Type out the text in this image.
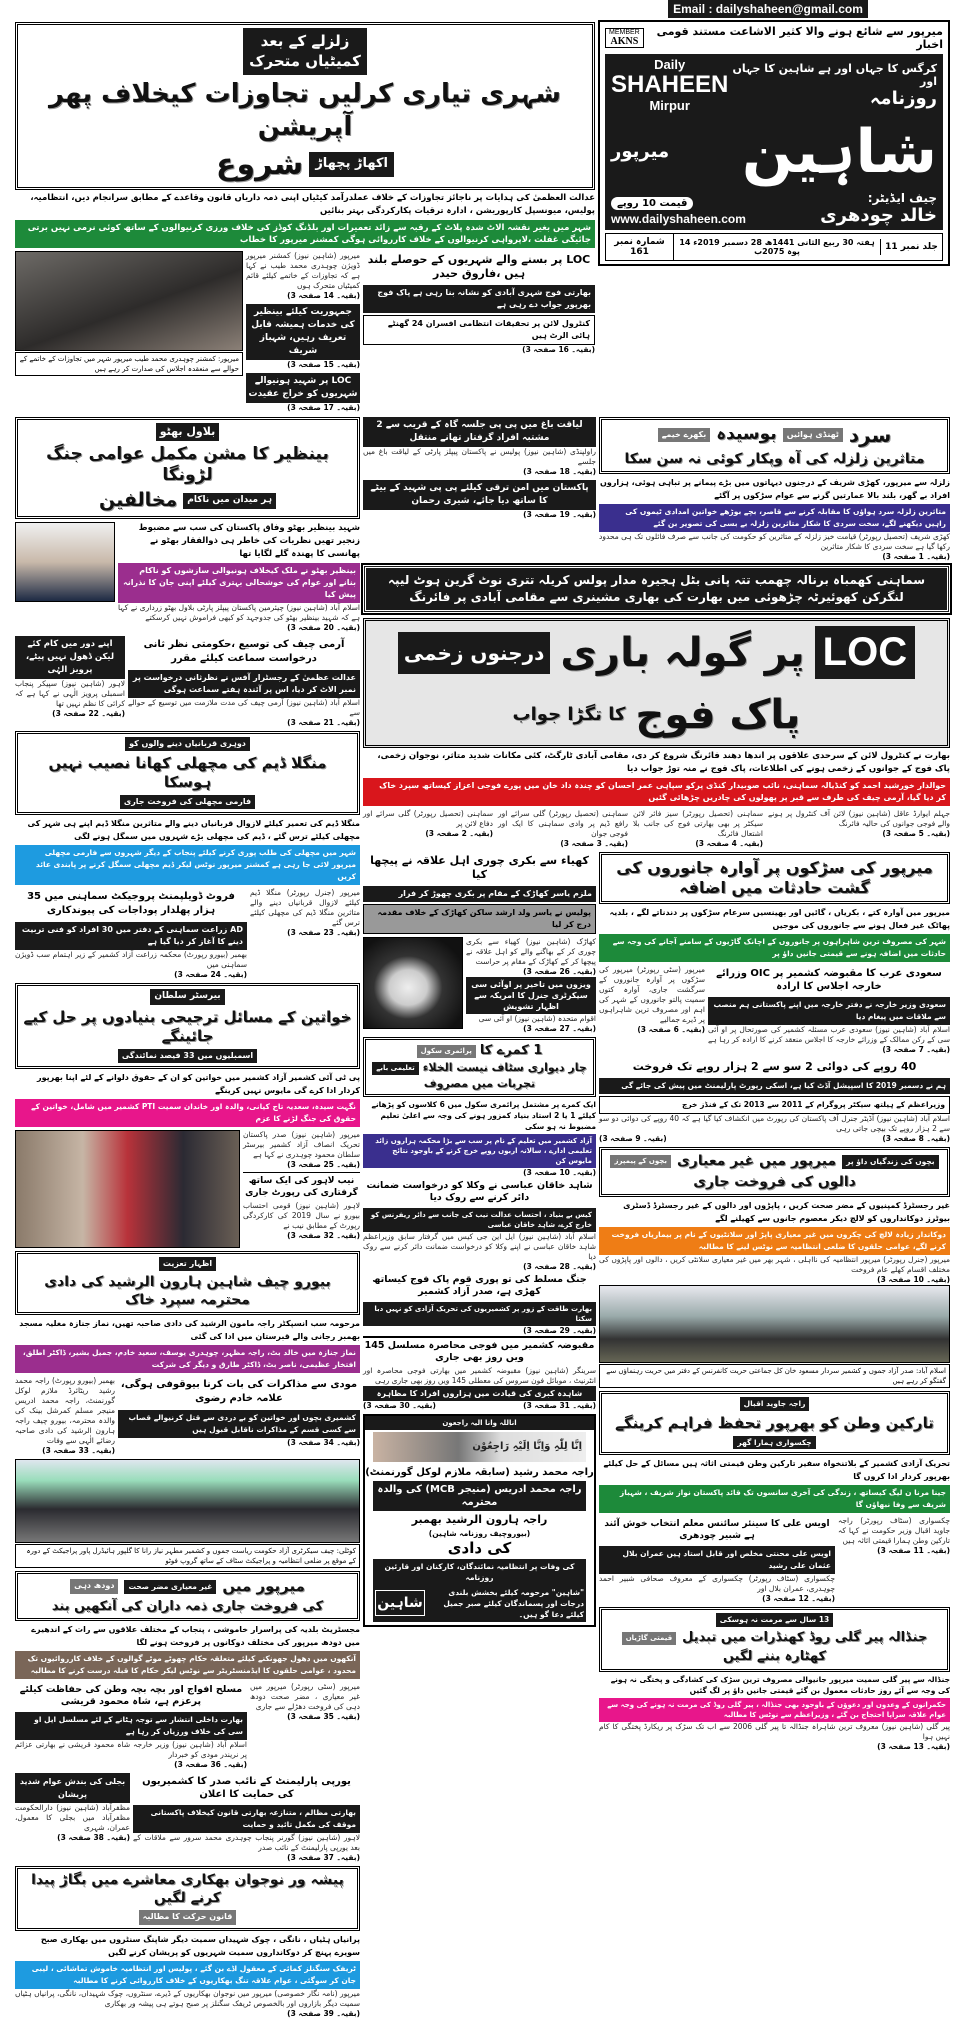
زلزلے کے بعد
کمیٹیاں متحرک
شہری تیاری کرلیں تجاوزات کیخلاف پھر آپریشن
اکھاڑ پچھاڑ
شروع
عدالت العظمیٰ کی ہدایات پر ناجائز تجاوزات کے خلاف عملدرآمد کیٹیاں اپنی ذمہ داریاں قانون وقاعدے کے مطابق سرانجام دیں، انتظامیہ، پولیس، میونسپل کارپوریشن ، ادارہ ترقیات پکارکردگی بہتر بنائیں
شہر میں بغیر نقشہ الاٹ شدہ پلاٹ کے رقبہ سے زائد تعمیرات اور بلڈنگ کوڈز کی خلاف ورزی کرنیوالوں کے ساتھ کوئی نرمی نہیں برتی جائیگی غفلت ،لاپرواہی کرنیوالوں کے خلاف کارروائی ہوگی کمشنر میرپور کا خطاب
میرپور: کمشنر چوہدری محمد طیب میرپور شہر میں تجاوزات کے خاتمے کے حوالے سے منعقدہ اجلاس کی صدارت کر رہے ہیں
میرپور (شاہین نیوز) کمشنر میرپور ڈویژن چوہدری محمد طیب نے کہا ہے کہ تجاوزات کے خاتمے کیلئے قائم کمیٹیاں متحرک ہوں
(بقیہ۔ 14 صفحہ 3)
جمہوریت کیلئے بینظیر کی خدمات ہمیشہ قابل تعریف رہیں، شہباز شریف
(بقیہ۔ 15 صفحہ 3)
LOC پر شہید ہونیوالے شہریوں کو خراج عقیدت
(بقیہ۔ 17 صفحہ 3)
LOC پر بسنے والے شہریوں کے حوصلے بلند ہیں ،فاروق حیدر
بھارتی فوج شہری آبادی کو نشانہ بنا رہی ہے پاک فوج بھرپور جواب دے رہی ہے
کنٹرول لائن پر تحقیقات انتظامی افسران 24 گھنٹے ہائی الرٹ ہیں
(بقیہ۔ 16 صفحہ 3)
Email : dailyshaheen@gmail.com
MEMBER
AKNS
میرپور سے شائع ہونے والا کثیر الاشاعت مستند قومی اخبار
Daily
SHAHEEN
Mirpur
کرگس کا جہاں اور ہے شاہین کا جہاں اور
روزنامہ
شاہین
میرپور
قیمت 10 روپے
www.dailyshaheen.com
چیف ایڈیٹر:
خالد چودھری
جلد نمبر 11
ہفتہ 30 ربیع الثانی 1441ھ 28 دسمبر 2019ء 14 پوہ 2075ب
شمارہ نمبر 161
بلاول بھٹو
بینظیر کا مشن مکمل عوامی جنگ لڑونگا
ہر میدان میں ناکام
مخالفین
شہید بینظیر بھٹو وفاق پاکستان کی سب سے مضبوط زنجیر تھیں نظریات کی خاطر ہی ذوالفقار بھٹو نے پھانسی کا پھندہ گلے لگایا تھا
بینظیر بھٹو نے ملک کیخلاف ہونیوالی سازشوں کو ناکام بنانے اور عوام کی خوشحالی بہتری کیلئے اپنی جان کا نذرانہ پیش کیا
اسلام آباد (شاہین نیوز) چیئرمین پاکستان پیپلز پارٹی بلاول بھٹو زرداری نے کہا ہے کہ شہید بینظیر بھٹو کی جدوجہد کو کبھی فراموش نہیں کرسکتے
(بقیہ۔ 20 صفحہ 3)
اپنے دور میں کام کئے لیکن ڈھول نہیں پیٹے، پرویز الہٰی
لاہور (شاہین نیوز) سپیکر پنجاب اسمبلی پرویز الٰہی نے کہا ہے کہ کرائی کا نظم نہیں تھا
(بقیہ۔ 22 صفحہ 3)
آرمی چیف کی توسیع ،حکومتی نظر ثانی درخواست سماعت کیلئے مقرر
عدالت عظمیٰ کے رجسٹرار آفس نے نظرثانی درخواست پر نمبر الاٹ کر دیا، اس پر آئندہ ہفتے سماعت ہوگی
اسلام آباد (شاہین نیوز) آرمی چیف کی مدت ملازمت میں توسیع کے حوالے سے
(بقیہ۔ 21 صفحہ 3)
دوہری قربانیاں دینے والوں کو
منگلا ڈیم کی مچھلی کھانا نصیب نہیں ہوسکا
فارمی مچھلی کی فروخت جاری
منگلا ڈیم کی تعمیر کیلئے لازوال قربانیاں دینے والے متاثرین منگلا ڈیم اپنے ہی شہر کی مچھلی کیلئے ترس گئے ، ڈیم کی مچھلی بڑے شہروں میں سمگل ہونے لگی
شہر میں مچھلی کی طلب پوری کرنے کیلئے پنجاب کے دیگر شہروں سے فارمی مچھلی میرپور لائی جا رہی ہے کمشنر میرپور نوٹس لیکر ڈیم مچھلی سمگل کرنے پر پابندی عائد کریں
فروٹ ڈویلپمنٹ پروجیکٹ سماہنی میں 35 ہزار پھلدار پوداجات کی پیوندکاری
AD زراعت سماہنی کے دفتر میں 30 افراد کو فنی تربیت دینے کا آغاز کر دیا گیا ہے
بھمبر (بیورو رپورٹ) محکمہ زراعت آزاد کشمیر کے زیر اہتمام سب ڈویژن سماہنی میں
(بقیہ۔ 24 صفحہ 3)
میرپور (جنرل رپورٹر) منگلا ڈیم کیلئے لازوال قربانیاں دینے والے متاثرین منگلا ڈیم کی مچھلی کیلئے ترس گئے
(بقیہ۔ 23 صفحہ 3)
بیرسٹر سلطان
خواتین کے مسائل ترجیحی بنیادوں پر حل کیے جائینگے
اسمبلیوں میں 33 فیصد نمائندگی
پی ٹی آئی کشمیر آزاد کشمیر میں خواتین کو ان کے حقوق دلوانے کے لئے اپنا بھرپور کردار ادا کرے گی مایوس نہیں کرینگے
نگہت سیدہ، سعدیہ تاج کیانی، والدہ اور خاندان سمیت PTI کشمیر میں شامل، خواتین کے حقوق کی جنگ لڑنے کا عزم
میرپور (شاہین نیوز) صدر پاکستان تحریک انصاف آزاد کشمیر بیرسٹر سلطان محمود چوہدری نے کہا ہے
(بقیہ۔ 25 صفحہ 3)
نیب لاہور کی ایک ساتھ گرفتاری کی رپورٹ جاری
لاہور (شاہین نیوز) قومی احتساب بیورو نے سال 2019 کی کارکردگی رپورٹ کے مطابق نیب نے
(بقیہ۔ 32 صفحہ 3)
اظہار تعزیت
بیورو چیف شاہین ہارون الرشید کی دادی محترمہ سپرد خاک
مرحومہ سب انسپکٹر راجہ مامون الرشید کی دادی صاحبہ تھیں، نماز جنازہ مغلیہ مسجد بھمبر رجانی والے قبرستان میں ادا کی گئی
نماز جنازہ میں خالد بٹ، راجہ مظہر، چوہدری یوسف، سعید خادم، جمیل بشیر، ڈاکٹر اطلق، افتخار عظیمی، ناصر بٹ، ڈاکٹر طارق و دیگر کی شرکت
بھمبر (بیورو رپورٹ) راجہ محمد رشید ریٹائرڈ ملازم لوکل گورنمنٹ، راجہ محمد ادریس منیجر مسلم کمرشل بینک کی والدہ محترمہ، بیورو چیف راجہ ہارون الرشید کی دادی صاحبہ رضائے الٰہی سے وفات
(بقیہ۔ 33 صفحہ 3)
مودی سے مذاکرات کی بات کرنا بیوقوفی ہوگی، علامہ خادم رضوی
کشمیری بچوں اور خواتین کو بے دردی سے قتل کرنیوالے قصاب سے کسی قسم کے مذاکرات ناقابل قبول ہیں
(بقیہ۔ 34 صفحہ 3)
کوٹلی: چیف سیکرٹری آزاد حکومت ریاست جموں و کشمیر مطہر نیاز رانا کا گلپور ہائیڈرل پاور پراجیکٹ کے دورہ کے موقع پر ضلعی انتظامیہ و پراجیکٹ سٹاف کے ساتھ گروپ فوٹو
میرپور میں
غیر معیاری مضر صحت
دودھ دہی
کی فروخت جاری ذمہ داران کی آنکھیں بند
مجسٹریٹ بلدیہ کی پراسرار خاموشی ، پنجاب کے مختلف علاقوں سے رات کے اندھیرے میں دودھ میرپور کی مختلف دوکانوں پر فروخت ہونے لگا
آنکھوں میں دھول جھونکنے کیلئے متعلقہ حکام چھوٹے موٹے گوالوں کے خلاف کارروائیوں تک محدود ، عوامی حلقوں کا ایڈمنسٹریٹر سے نوٹس لیکر حکام کا قبلہ درست کرنے کا مطالبہ
مسلح افواج اور بچہ بچہ وطن کی حفاظت کیلئے پرعزم ہے، شاہ محمود قریشی
بھارت داخلی انتشار سے توجہ ہٹانے کے لئے مسلسل ایل او سی کی خلاف ورزیاں کر رہا ہے
اسلام آباد (شاہین نیوز) وزیر خارجہ شاہ محمود قریشی نے بھارتی عزائم پر نریندر مودی کو خبردار
(بقیہ۔ 36 صفحہ 3)
میرپور (سٹی رپورٹر) میرپور میں غیر معیاری ، مضر صحت دودھ دہی کی فروخت دھڑلے سے جاری
(بقیہ۔ 35 صفحہ 3)
بجلی کی بندش عوام شدید پریشان
مظفرآباد (شاہین نیوز) دارالحکومت مظفرآباد میں بجلی کا معمول، عمران، شہری
(بقیہ۔ 38 صفحہ 3)
یورپی پارلیمنٹ کے نائب صدر کا کشمیریوں کی حمایت کا اعلان
بھارتی مظالم ، متنازعہ بھارتی قانون کیخلاف پاکستانی موقف کی مکمل تائید و حمایت
لاہور (شاہین نیوز) گورنر پنجاب چوہدری محمد سرور سے ملاقات کے بعد یورپی پارلیمنٹ کے نائب صدر
(بقیہ۔ 37 صفحہ 3)
پیشہ ور نوجوان بھکاری معاشرے میں بگاڑ پیدا کرنے لگیں
قانون حرکت کا مطالبہ
پرانیاں ہٹیاں ، نانگی ، چوک شہیداں سمیت دیگر شاپنگ سنٹروں میں بھکاری صبح سویرے پہنچ کر دوکانداروں سمیت شہریوں کو پریشان کرنے لگیں
ٹریفک سنگنلز کمائی کے معقول اڈے بن گئے ، پولیس اور انتظامیہ خاموش تماشائی ، لیبی جان کر سوگئی ، عوام علاقہ تنگ بھکاریوں کے خلاف کارروائی کرنے کا مطالبہ
میرپور (نامہ نگار خصوصی) میرپور میں نوجوان بھکاریوں کے ڈیرے، سنٹروں، چوک شہیداں، نانگی، پرانیاں ہٹیاں سمیت دیگر بازاروں اور بالخصوص ٹریفک سگنلز پر صبح ہوتے ہی پیشہ ور بھکاری
(بقیہ۔ 39 صفحہ 3)
لیاقت باغ میں پی پی جلسہ گاہ کے قریب سے 2 مشتبہ افراد گرفتار تھانے منتقل
راولپنڈی (شاہین نیوز) پولیس نے پاکستان پیپلز پارٹی کے لیاقت باغ میں جلسے
(بقیہ۔ 18 صفحہ 3)
پاکستان میں امن ترقی کیلئے پی پی شہید کے بیٹے کا ساتھ دیا جائے، شیری رحمان
(بقیہ۔ 19 صفحہ 3)
سرد
ٹھنڈی ہوائیں
بوسیدہ
بکھرے خیمے
متاثرین زلزلہ کی آہ وپکار کوئی نہ سن سکا
زلزلہ سے میرپور، کھڑی شریف کے درجنوں دیہاتوں میں بڑے پیمانے پر تباہی ہوئی، ہزاروں افراد بے گھر، بلند بالا عمارتیں گرنے سے عوام سڑکوں پر آگئے
متاثرین زلزلہ سرد ہواؤں کا مقابلہ کرنے سے قاصر، بچے بوڑھے خواتین امدادی ٹیموں کی راہیں دیکھنے لگے، سخت سردی کا شکار متاثرین زلزلہ بے بسی کی تصویر بن گئے
کھڑی شریف (تحصیل رپورٹر) قیامت خیز زلزلہ کے متاثرین کو حکومت کی جانب سے صرف فائلوں تک ہی محدود رکھا گیا ہے سخت سردی کا شکار متاثرین
(بقیہ۔ 1 صفحہ 3)
سماہنی کھمباہ برنالہ چھمب تتہ پانی بٹل ہجیرہ مدار پولس کریلہ تتری نوٹ گرین ہوٹ لیپہ لنگرکن کھوئیرٹہ چڑھوئی میں بھارت کی بھاری مشینری سے مقامی آبادی پر فائرنگ
LOC
پر گولہ باری
درجنوں زخمی
پاک فوج
کا تگڑا جواب
بھارت نے کنٹرول لائن کے سرحدی علاقوں پر اندھا دھند فائرنگ شروع کر دی، مقامی آبادی ٹارگٹ، کئی مکانات شدید متاثر، نوجوان زخمی، پاک فوج کے جوانوں کے زخمی ہونے کی اطلاعات، پاک فوج نے منہ توڑ جواب دیا
حوالدار خورشید احمد کو کنڈیالہ سماہنی، نائب صوبیدار کنڈی پرکو سپاہی عمر احسان کو چندہ داد خان میں پورے فوجی اعزاز کیساتھ سپرد خاک کر دیا گیا، آرمی چیف کی طرف سے قبر پر پھولوں کی چادریں چڑھائی گئیں
جہلم ایوارڈ عاقل (شاہین نیوز) لائن آف کنٹرول پر ہونے والے فوجی جوانوں کی حالیہ فائرنگ
(بقیہ۔ 5 صفحہ 3)
سماہنی (تحصیل رپورٹر) سیز فائر لائن سیکٹر پر بھی بھارتی فوج کی جانب بلا اشتعال فائرنگ
(بقیہ۔ 4 صفحہ 3)
سماہنی (تحصیل رپورٹر) گلی سرائے اور رافع ڈیم پر وادی سماہنی کا ایک اور فوجی جوان
(بقیہ۔ 3 صفحہ 3)
سماہنی (تحصیل رپورٹر) گلی سرائے اور دفاع لائن پر
(بقیہ۔ 2 صفحہ 3)
کھیاء سے بکری چوری اہل علاقہ نے پیچھا کیا
ملزم یاسر کھاڑک کے مقام پر بکری چھوڑ کر فرار
پولیس نے یاسر ولد ارشد ساکن کھاڑک کے خلاف مقدمہ درج کر لیا
کھاڑک (شاہین نیوز) کھیاء سے بکری چوری کر کے بھاگنے والے کو اہل علاقہ نے پیچھا کر کے کھاڑک کے مقام پر حراست
(بقیہ۔ 26 صفحہ 3)
ویزوں میں تاخیر پر اوآئی سی سیکرٹری جنرل کا امریکہ سے اظہار تشویش
اقوام متحدہ (شاہین نیوز) او آئی سی
(بقیہ۔ 27 صفحہ 3)
1 کمرے کا
پرائمری سکول
چار دیواری سٹاف نیست الخلاء
تعلیمی بابے
تجربات میں مصروف
ایک کمرے پر مشتمل پرائمری سکول میں 6 کلاسوں کو پڑھانے کیلئے 1 یا 2 استاد بنیاد کمزور ہونے کی وجہ سے اعلیٰ تعلیم مضبوط نہ ہو سکی
آزاد کشمیر میں تعلیم کے نام پر سب سے بڑا محکمہ ہزاروں زائد تعلیمی ادارے ، سالانہ اربوں روپے خرچ کرنے کے باوجود نتائج مایوس کن
(بقیہ۔ 10 صفحہ 3)
شاہد خاقان عباسی نے وکلا کو درخواست ضمانت دائر کرنے سے روک دیا
کیس بے بنیاد ، احتساب عدالت نیب کی جانب سے دائر ریفرنس کو خارج کرے، شاہد خاقان عباسی
اسلام آباد (شاہین نیوز) ایل این جی کیس میں گرفتار سابق وزیراعظم شاہد خاقان عباسی نے اپنے وکلا کو درخواست ضمانت دائر کرنے سے روک دیا
(بقیہ۔ 28 صفحہ 3)
جنگ مسلط کی تو پوری قوم پاک فوج کیساتھ کھڑی ہے، صدر آزاد کشمیر
بھارت طاقت کے زور پر کشمیریوں کی تحریک آزادی کو نہیں دبا سکتا
(بقیہ۔ 29 صفحہ 3)
مقبوضہ کشمیر میں فوجی محاصرہ مسلسل 145 ویں روز بھی جاری
سرینگر (شاہین نیوز) مقبوضہ کشمیر میں بھارتی فوجی محاصرہ اور انٹرنیٹ ، موبائل فون سروس کی معطلی 145 ویں روز بھی جاری رہی
شاہدہ کبری کی قیادت میں ہزاروں افراد کا مظاہرہ
(بقیہ۔ 30 صفحہ 3)	(بقیہ۔ 31 صفحہ 3)
اناللہ وانا الیہ راجعون
اِنَّا لِلّٰہِ وَاِنَّا اِلَیْہِ رَاجِعُوْن
راجہ محمد رشید (سابقہ ملازم لوکل گورنمنٹ)
راجہ محمد ادریس (منیجر MCB) کی والدہ محترمہ
راجہ ہارون الرشید بھمبر
(بیوروچیف روزنامہ شاہین)
کی دادی
کی وفات پر انتظامیہ نمائندگان، کارکنان اور قارئین روزنامہ
"شاہین" مرحومہ کیلئے بخشش بلندی درجات اور پسماندگان کیلئے صبر جمیل کیلئے دعا گو ہیں۔
شاہین
میرپور کی سڑکوں پر آوارہ جانوروں کی گشت حادثات میں اضافہ
میرپور میں آوارہ کتے ، بکریاں ، گائیں اور بھینسیں سرعام سڑکوں پر دندناتے لگے ، بلدیہ پھاٹک غیر فعال ہونے سے جانوروں کی موجیں
شہر کی مصروف ترین شاہراہوں پر جانوروں کے اچانک گاڑیوں کے سامنے آجانے کی وجہ سے حادثات میں اضافہ ہونے سے قیمتی جانیں داؤ پر
میرپور (سٹی رپورٹر) میرپور کی سڑکوں پر آوارہ جانوروں کے سرگشت جاری، آوارہ کتوں سمیت پالتو جانوروں کے شہر کی اہم اور مصروف ترین شاہراہوں پر ڈیرے جمالیے
(بقیہ۔ 6 صفحہ 3)
سعودی عرب کا مقبوضہ کشمیر پر OIC وزرائے خارجہ اجلاس کا ارادہ
سعودی وزیر خارجہ نے دفتر خارجہ میں اپنے پاکستانی ہم منصب سے ملاقات میں پیغام دیا
اسلام آباد (شاہین نیوز) سعودی عرب مسئلہ کشمیر کی صورتحال پر او آئی سی کے رکن ممالک کے وزرائے خارجہ کا اجلاس منعقد کرنے کا ارادہ کر رہا ہے
(بقیہ۔ 7 صفحہ 3)
40 روپے کی دوائی 2 سو سے 2 ہزار روپے تک فروخت
ہم نے دسمبر 2019 کا اسپیشل آڈٹ کیا ہے، اسکی رپورٹ پارلیمنٹ میں پیش کی جائے گی
وزیراعظم کے ہیلتھ سیکٹر پروگرام کے 2011 سے 2013 تک کے فنڈز خرچ
اسلام آباد (شاہین نیوز) آڈیٹر جنرل آف پاکستان کی رپورٹ میں انکشاف کیا گیا ہے کہ 40 روپے کی دوائی دو سو سے 2 ہزار روپے تک بیچی جاتی رہی
(بقیہ۔ 9 صفحہ 3)	(بقیہ۔ 8 صفحہ 3)
بچوں کی زندگیاں داؤ پر
میرپور میں غیر معیاری
بچوں کے پیمپرز
دالوں کی فروخت جاری
غیر رجسٹرڈ کمپنیوں کے مضر صحت کریں ، پاپڑوں اور دالوں کے غیر رجسٹرڈ ڈسٹری بیوٹرز دوکانداروں کو لالچ دیکر معصوم جانوں سے کھیلنے لگے
دوکاندار زیادہ لالچ کی چکروں میں غیر معیاری پاپڑ اور سلانٹیوں کے نام پر بیماریاں فروخت کرنے لگے، عوامی حلقوں کا ضلعی انتظامیہ سے نوٹس لینے کا مطالبہ
میرپور (جنرل رپورٹر) میرپور انتظامیہ کی نااہلی ، شہر بھر میں غیر معیاری سلانٹی کریں ، دالوں اور پاپڑوں کی مختلف اقسام کھلے عام فروخت
(بقیہ۔ 10 صفحہ 3)
اسلام آباد: صدر آزاد جموں و کشمیر سردار مسعود خان کل جماعتی حریت کانفرنس کے دفتر میں حریت رہنماؤں سے گفتگو کر رہے ہیں
راجہ جاوید اقبال
تارکین وطن کو بھرپور تحفظ فراہم کرینگے
چکسواری ہمارا گھر
تحریک آزادی کشمیر کے بلاتنخواہ سفیر تارکین وطن قیمتی اثاثہ ہیں مسائل کے حل کیلئے بھرپور کردار ادا کروں گا
جینا مرنا ن لیگ کیساتھ ، زندگی کی آخری سانسوں تک قائد پاکستان نواز شریف ، شہباز شریف سے وفا نبھاؤں گا
اویس علی کا سینئر سائنس معلم انتخاب خوش آئند ہے شبیر چودھری
اویس علی محنتی مخلص اور قابل استاد ہیں عمران بلال عثمان علی رشید
چکسواری (سٹاف رپورٹر) چکسواری کے معروف صحافی شبیر احمد چوہدری، عمران بلال اور
(بقیہ۔ 12 صفحہ 3)
چکسواری (سٹاف رپورٹر) راجہ جاوید اقبال وزیر حکومت نے کہا کہ تارکین وطن ہمارا قیمتی اثاثہ ہیں
(بقیہ۔ 11 صفحہ 3)
13 سال سے مرمت نہ ہوسکی
جنڈالہ پیر گلی روڈ کھنڈرات میں تبدیل
قیمتی گاڑیاں
کھٹارہ بننے لگیں
جنڈالہ سے پیر گلی سمیت میرپور جانیوالی مصروف ترین سڑک کی کشادگی و پختگی نہ ہونے کی وجہ سے آئے روز حادثات معمول بن گئے قیمتی جانیں داؤ پر لگ گئیں
حکمرانوں کے وعدوں اور دعوؤں کے باوجود بھی جنڈالہ ، پیر گلی روڈ کی مرمت نہ ہونے کی وجہ سے عوام علاقہ سراپا احتجاج بن گئے ، وزیراعظم سے نوٹس کا مطالبہ
پیر گلی (شاہین نیوز) معروف ترین شاہراہ جنڈالہ تا پیر گلی 2006 سے اب تک سڑک پر ریکارڈ پختگی کا کام نہیں ہوا
(بقیہ۔ 13 صفحہ 3)
